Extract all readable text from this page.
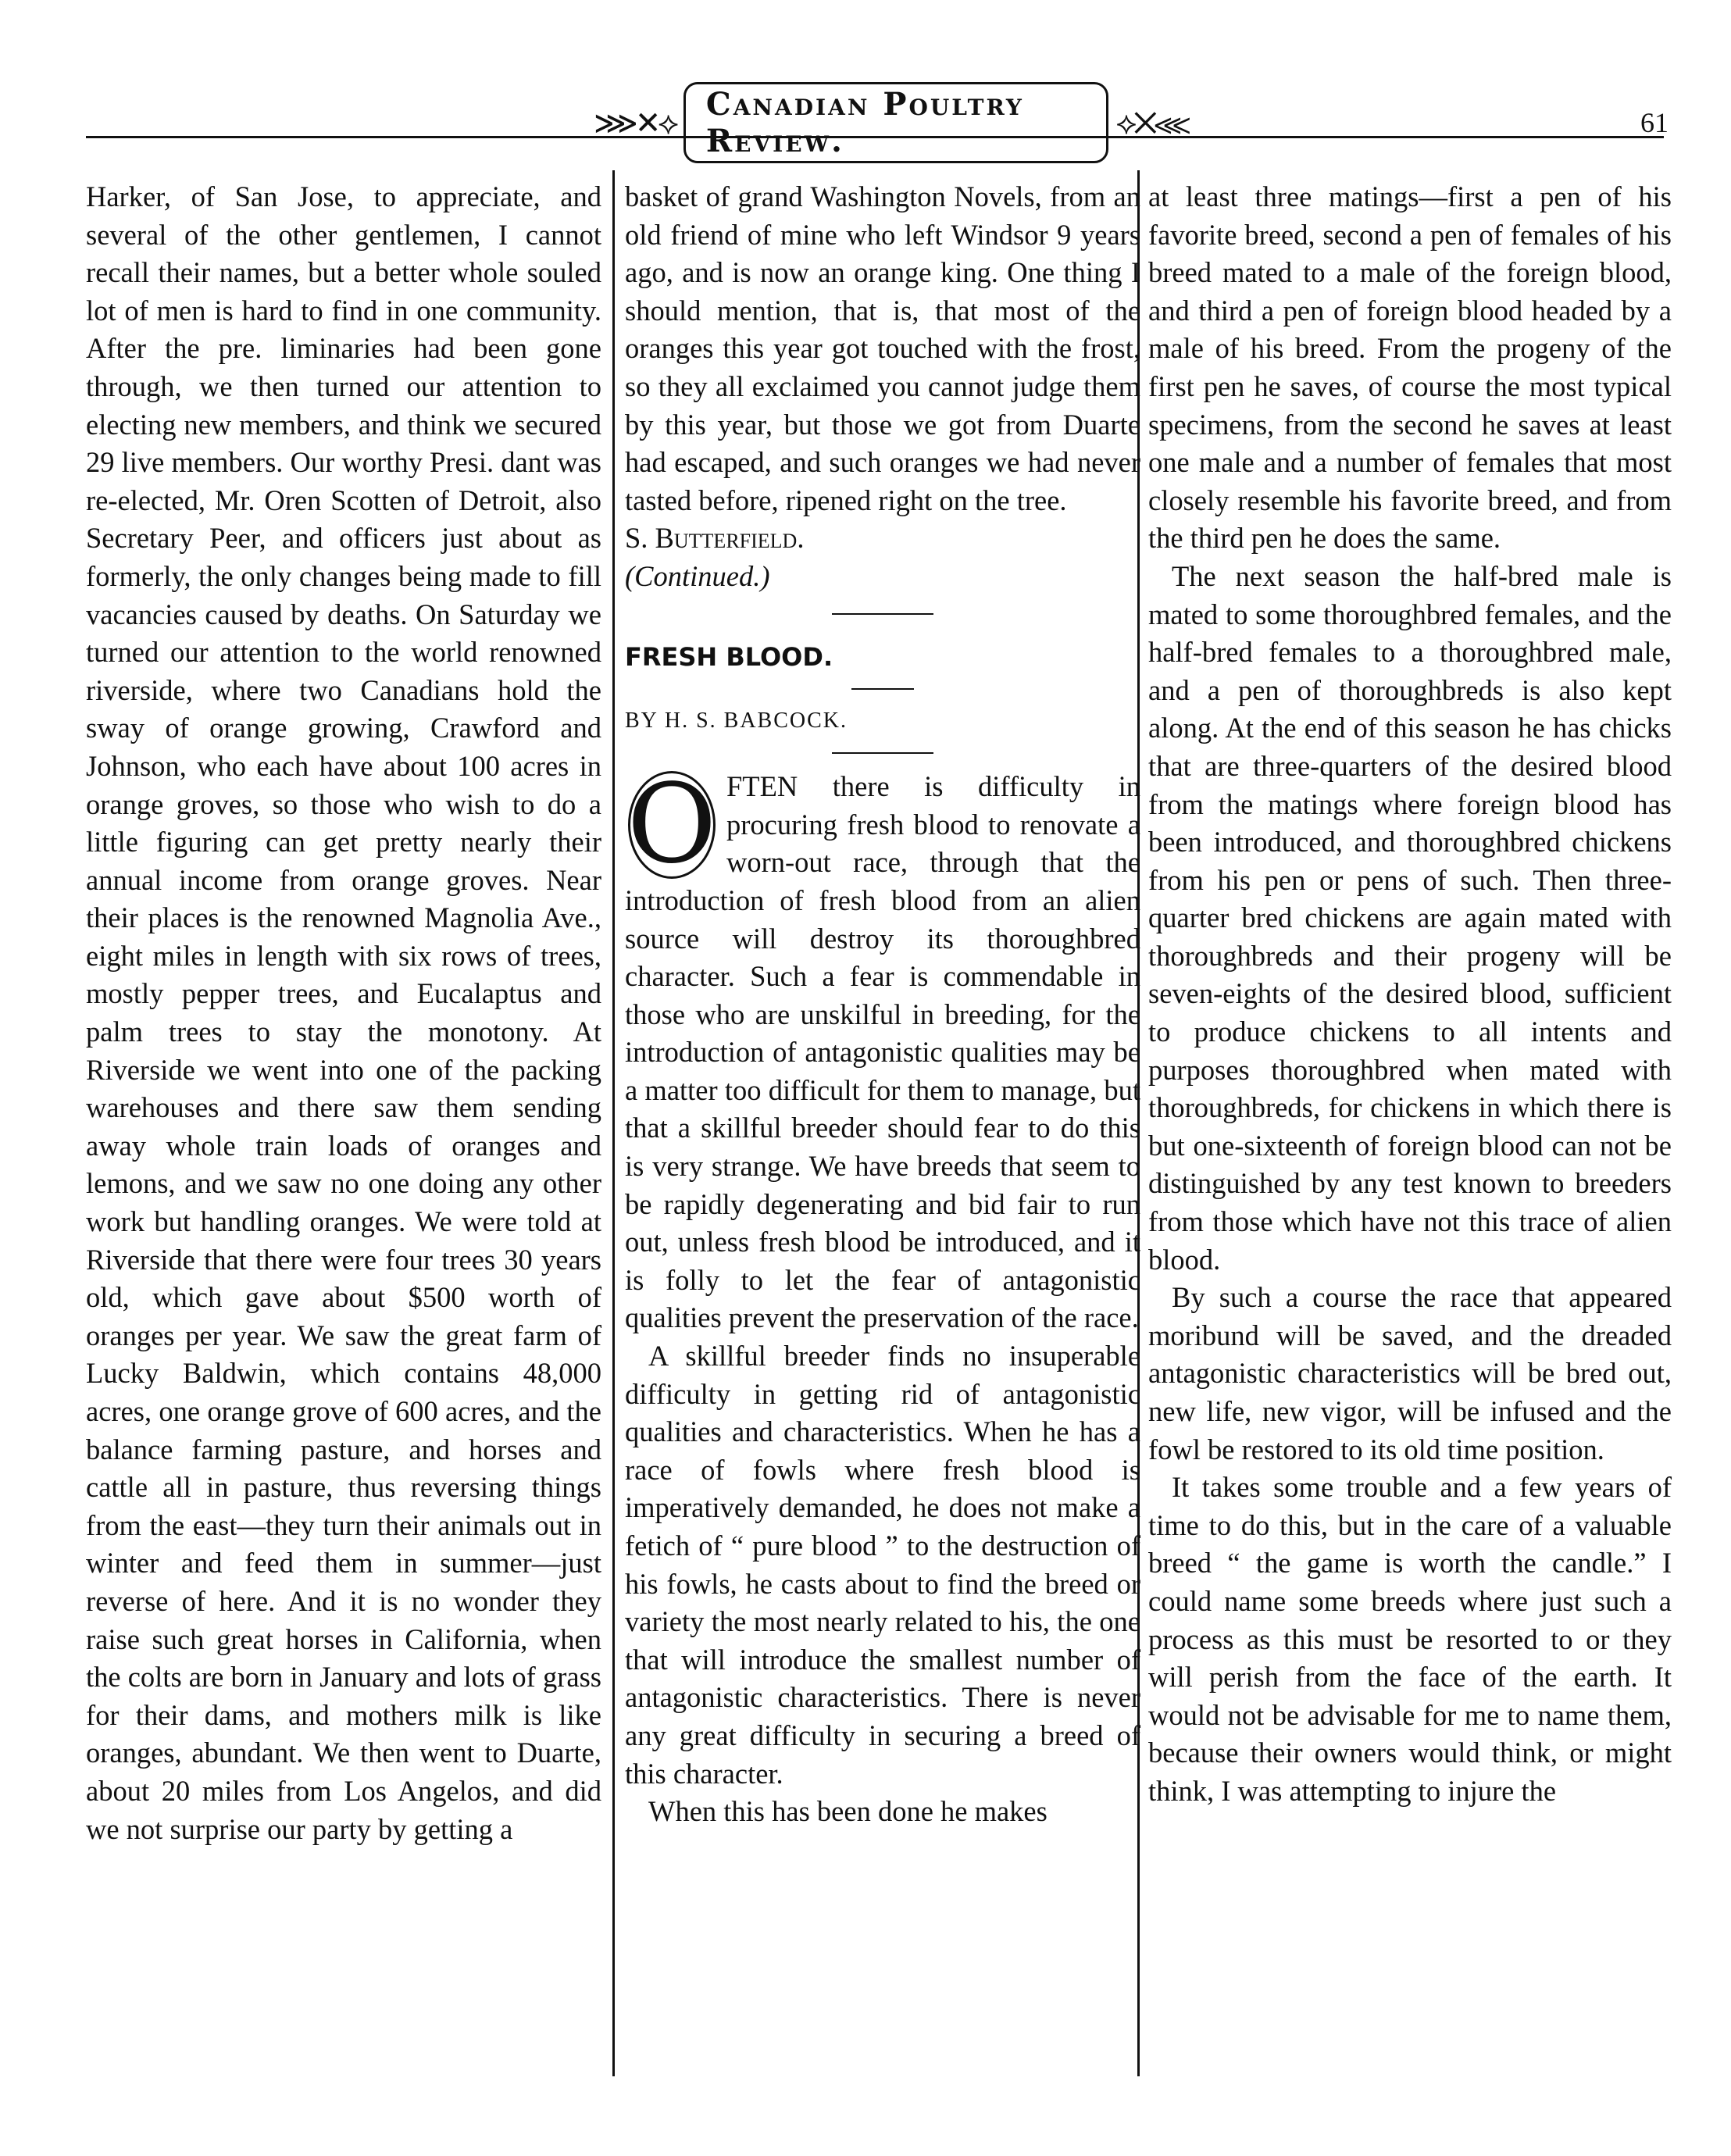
⋙✕⟡ Canadian Poultry Review.	⟡✕⋘	61

Harker, of San Jose, to appreciate, and several of the other gentlemen, I cannot recall their names, but a better whole souled lot of men is hard to find in one community. After the pre. liminaries had been gone through, we then turned our attention to electing new members, and think we secured 29 live members. Our worthy Presi. dant was re-elected, Mr. Oren Scotten of Detroit, also Secretary Peer, and officers just about as formerly, the only changes being made to fill vacancies caused by deaths. On Saturday we turned our attention to the world renowned riverside, where two Canadians hold the sway of orange growing, Crawford and Johnson, who each have about 100 acres in orange groves, so those who wish to do a little figuring can get pretty nearly their annual income from orange groves. Near their places is the renowned Magnolia Ave., eight miles in length with six rows of trees, mostly pepper trees, and Eucalaptus and palm trees to stay the monotony. At Riverside we went into one of the packing warehouses and there saw them sending away whole train loads of oranges and lemons, and we saw no one doing any other work but handling oranges. We were told at Riverside that there were four trees 30 years old, which gave about $500 worth of oranges per year. We saw the great farm of Lucky Baldwin, which contains 48,000 acres, one orange grove of 600 acres, and the balance farming pasture, and horses and cattle all in pasture, thus reversing things from the east—they turn their animals out in winter and feed them in summer—just reverse of here. And it is no wonder they raise such great horses in California, when the colts are born in January and lots of grass for their dams, and mothers milk is like oranges, abundant. We then went to Duarte, about 20 miles from Los Angelos, and did we not surprise our party by getting a

basket of grand Washington Novels, from an old friend of mine who left Windsor 9 years ago, and is now an orange king. One thing I should mention, that is, that most of the oranges this year got touched with the frost, so they all exclaimed you cannot judge them by this year, but those we got from Duarte had escaped, and such oranges we had never tasted before, ripened right on the tree.

S. Butterfield.

(Continued.)

FRESH BLOOD.

BY H. S. BABCOCK.

O FTEN there is difficulty in procuring fresh blood to renovate a worn-out race, through that the introduction of fresh blood from an alien source will destroy its thoroughbred character. Such a fear is commendable in those who are unskilful in breeding, for the introduction of antagonistic qualities may be a matter too difficult for them to manage, but that a skillful breeder should fear to do this is very strange. We have breeds that seem to be rapidly degenerating and bid fair to run out, unless fresh blood be introduced, and it is folly to let the fear of antagonistic qualities prevent the preservation of the race.

A skillful breeder finds no insuperable difficulty in getting rid of antagonistic qualities and characteristics. When he has a race of fowls where fresh blood is imperatively demanded, he does not make a fetich of “ pure blood ” to the destruction of his fowls, he casts about to find the breed or variety the most nearly related to his, the one that will introduce the smallest number of antagonistic characteristics. There is never any great difficulty in securing a breed of this character.

When this has been done he makes

at least three matings—first a pen of his favorite breed, second a pen of females of his breed mated to a male of the foreign blood, and third a pen of foreign blood headed by a male of his breed. From the progeny of the first pen he saves, of course the most typical specimens, from the second he saves at least one male and a number of females that most closely resemble his favorite breed, and from the third pen he does the same.

The next season the half-bred male is mated to some thoroughbred females, and the half-bred females to a thoroughbred male, and a pen of thoroughbreds is also kept along. At the end of this season he has chicks that are three-quarters of the desired blood from the matings where foreign blood has been introduced, and thoroughbred chickens from his pen or pens of such. Then three-quarter bred chickens are again mated with thoroughbreds and their progeny will be seven-eights of the desired blood, sufficient to produce chickens to all intents and purposes thoroughbred when mated with thoroughbreds, for chickens in which there is but one-sixteenth of foreign blood can not be distinguished by any test known to breeders from those which have not this trace of alien blood.

By such a course the race that appeared moribund will be saved, and the dreaded antagonistic characteristics will be bred out, new life, new vigor, will be infused and the fowl be restored to its old time position.

It takes some trouble and a few years of time to do this, but in the care of a valuable breed “ the game is worth the candle.” I could name some breeds where just such a process as this must be resorted to or they will perish from the face of the earth. It would not be advisable for me to name them, because their owners would think, or might think, I was attempting to injure the
